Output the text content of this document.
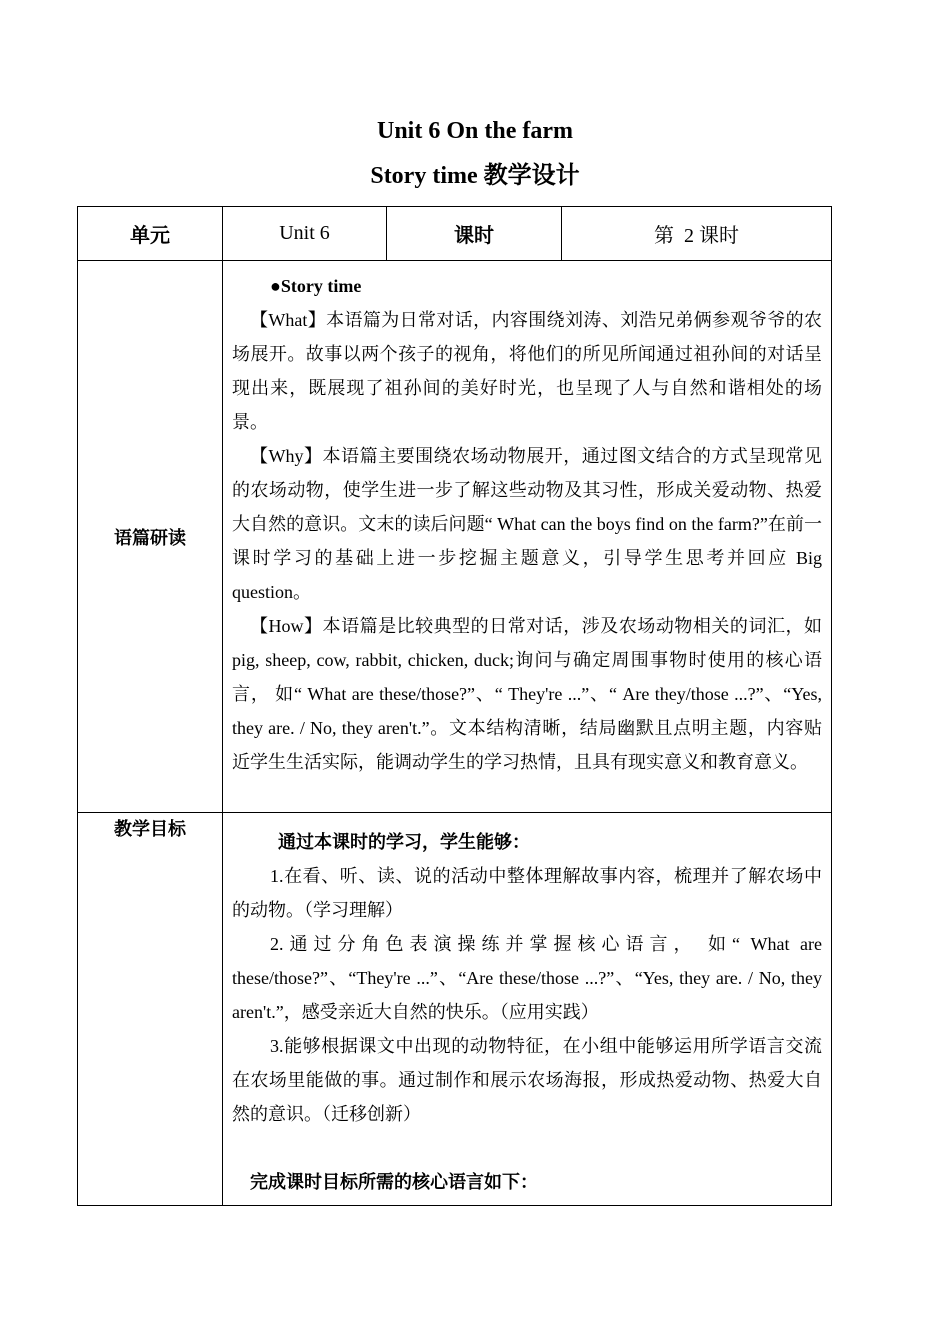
Unit 6 On the farm
Story time 教学设计
单元	Unit 6	课时	第  2 课时
语篇研读	●Story time

【What】本语篇为日常对话，内容围绕刘涛、刘浩兄弟俩参观爷爷的农场展开。故事以两个孩子的视角，将他们的所见所闻通过祖孙间的对话呈现出来，既展现了祖孙间的美好时光，也呈现了人与自然和谐相处的场景。

【Why】本语篇主要围绕农场动物展开，通过图文结合的方式呈现常见的农场动物，使学生进一步了解这些动物及其习性，形成关爱动物、热爱大自然的意识。文末的读后问题“ What can the boys find on the farm?”在前一课时学习的基础上进一步挖掘主题意义，引导学生思考并回应 Big question。

【How】本语篇是比较典型的日常对话，涉及农场动物相关的词汇，如 pig, sheep, cow, rabbit, chicken, duck;询问与确定周围事物时使用的核心语言， 如“ What are these/those?”、“ They're ...”、“ Are they/those ...?”、“Yes, they are. / No, they aren't.”。文本结构清晰，结局幽默且点明主题，内容贴近学生生活实际，能调动学生的学习热情，且具有现实意义和教育意义。		

教学目标	通过本课时的学习，学生能够：

1.在看、听、读、说的活动中整体理解故事内容，梳理并了解农场中的动物。（学习理解）

2.通过分角色表演操练并掌握核心语言， 如“ What are these/those?”、“They're ...”、“Are these/those ...?”、“Yes, they are. / No, they aren't.”，感受亲近大自然的快乐。（应用实践）

3.能够根据课文中出现的动物特征，在小组中能够运用所学语言交流在农场里能做的事。通过制作和展示农场海报，形成热爱动物、热爱大自然的意识。（迁移创新）

完成课时目标所需的核心语言如下：		
